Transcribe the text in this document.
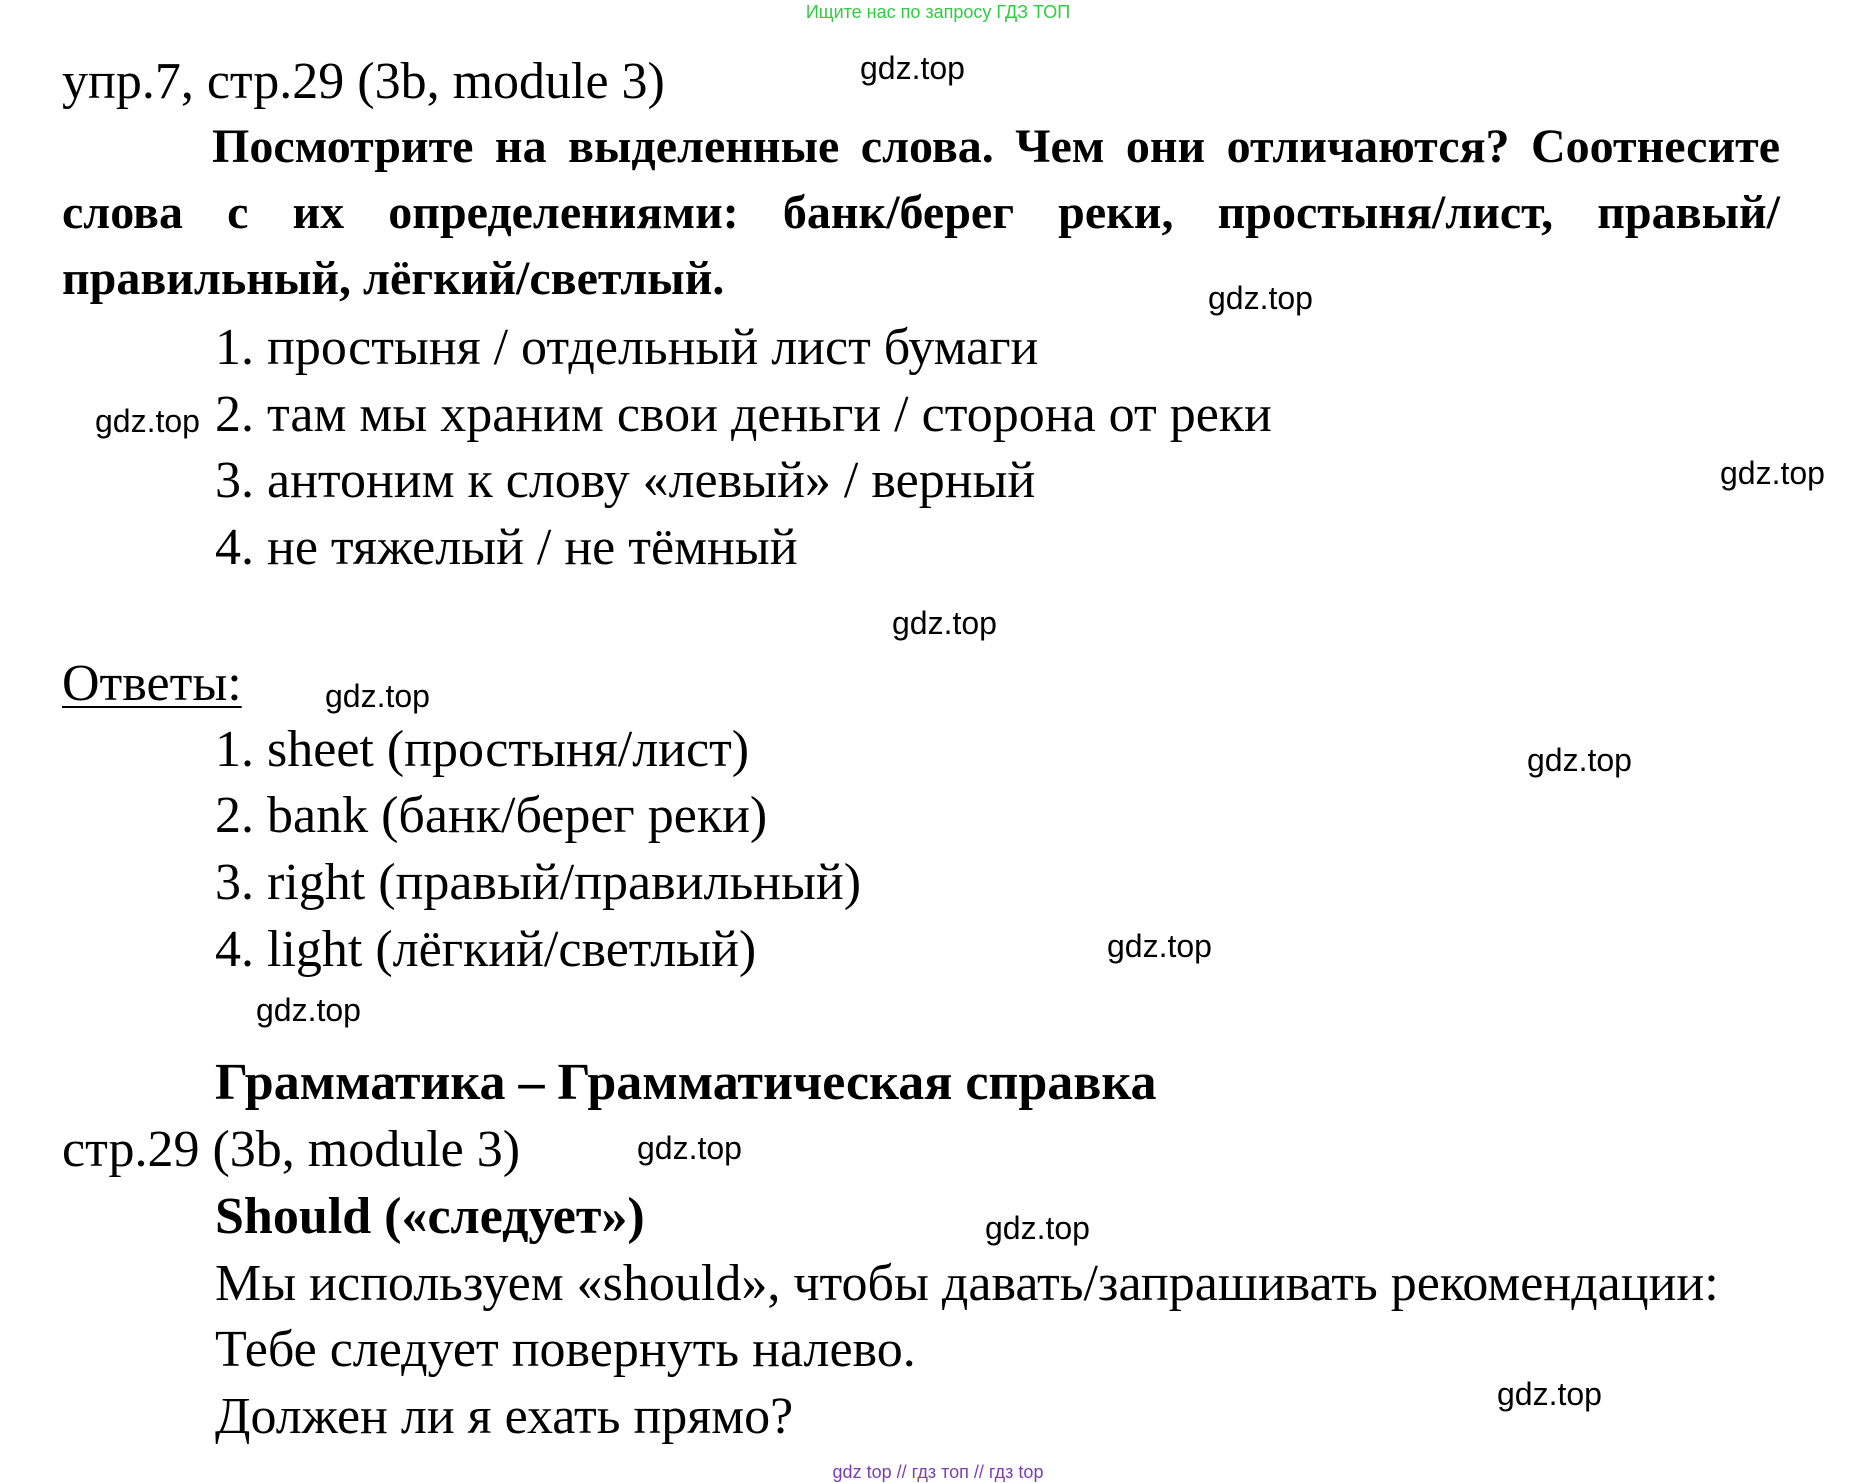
Ищите нас по запросу ГДЗ ТОП
упр.7, стр.29 (3b, module 3)	gdz.top
Посмотрите на выделенные слова. Чем они отличаются? Соотнесите слова с их определениями: банк/берег реки, простыня/лист, правый/правильный, лёгкий/светлый.	gdz.top
1. простыня / отдельный лист бумаги
gdz.top 2. там мы храним свои деньги / сторона от реки
3. антоним к слову «левый» / верный	gdz.top
4. не тяжелый / не тёмный
gdz.top
Ответы:	gdz.top
1. sheet (простыня/лист)	gdz.top
2. bank (банк/берег реки)
3. right (правый/правильный)
4. light (лёгкий/светлый)	gdz.top
gdz.top
Грамматика – Грамматическая справка
стр.29 (3b, module 3)	gdz.top
Should («следует»)	gdz.top
Мы используем «should», чтобы давать/запрашивать рекомендации:
Тебе следует повернуть налево.
gdz.top
Должен ли я ехать прямо?
gdz top // гдз топ // гдз top
